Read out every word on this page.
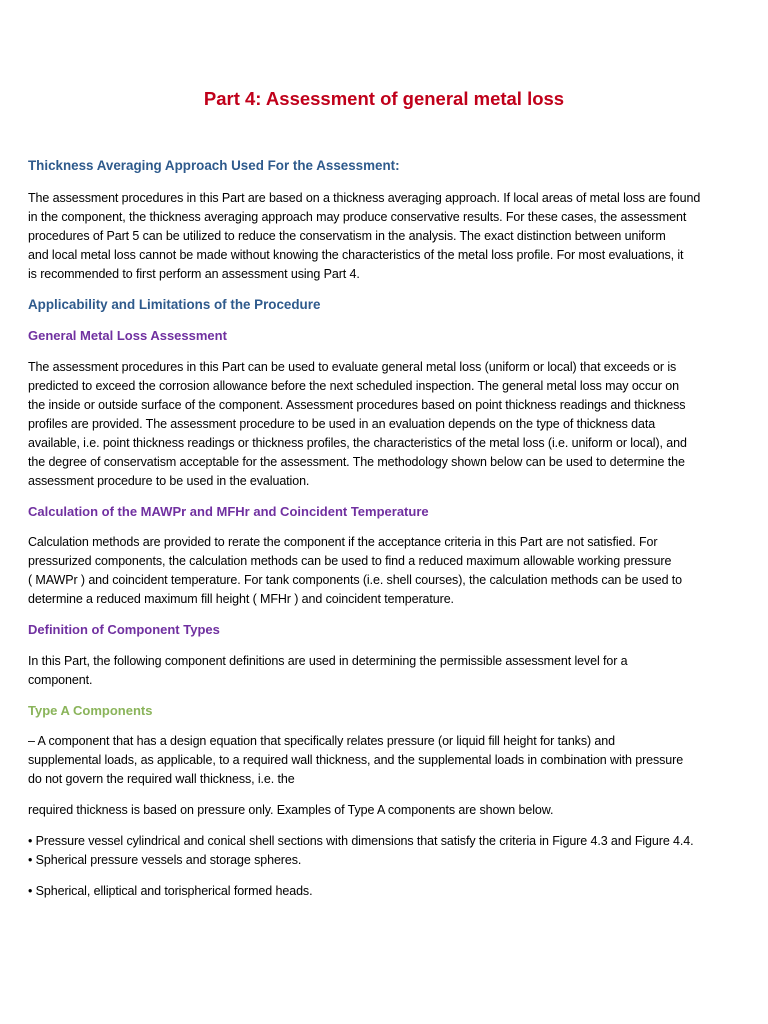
Part 4: Assessment of general metal loss
Thickness Averaging Approach Used For the Assessment:
The assessment procedures in this Part are based on a thickness averaging approach. If local areas of metal loss are found
in the component, the thickness averaging approach may produce conservative results. For these cases, the assessment
procedures of Part 5 can be utilized to reduce the conservatism in the analysis. The exact distinction between uniform
and local metal loss cannot be made without knowing the characteristics of the metal loss profile. For most evaluations, it
is recommended to first perform an assessment using Part 4.
Applicability and Limitations of the Procedure
General Metal Loss Assessment
The assessment procedures in this Part can be used to evaluate general metal loss (uniform or local) that exceeds or is
predicted to exceed the corrosion allowance before the next scheduled inspection. The general metal loss may occur on
the inside or outside surface of the component. Assessment procedures based on point thickness readings and thickness
profiles are provided. The assessment procedure to be used in an evaluation depends on the type of thickness data
available, i.e. point thickness readings or thickness profiles, the characteristics of the metal loss (i.e. uniform or local), and
the degree of conservatism acceptable for the assessment. The methodology shown below can be used to determine the
assessment procedure to be used in the evaluation.
Calculation of the MAWPr and MFHr and Coincident Temperature
Calculation methods are provided to rerate the component if the acceptance criteria in this Part are not satisfied. For
pressurized components, the calculation methods can be used to find a reduced maximum allowable working pressure
( MAWPr ) and coincident temperature. For tank components (i.e. shell courses), the calculation methods can be used to
determine a reduced maximum fill height ( MFHr ) and coincident temperature.
Definition of Component Types
In this Part, the following component definitions are used in determining the permissible assessment level for a
component.
Type A Components
– A component that has a design equation that specifically relates pressure (or liquid fill height for tanks) and
supplemental loads, as applicable, to a required wall thickness, and the supplemental loads in combination with pressure
do not govern the required wall thickness, i.e. the
required thickness is based on pressure only. Examples of Type A components are shown below.
• Pressure vessel cylindrical and conical shell sections with dimensions that satisfy the criteria in Figure 4.3 and Figure 4.4.
• Spherical pressure vessels and storage spheres.
• Spherical, elliptical and torispherical formed heads.
